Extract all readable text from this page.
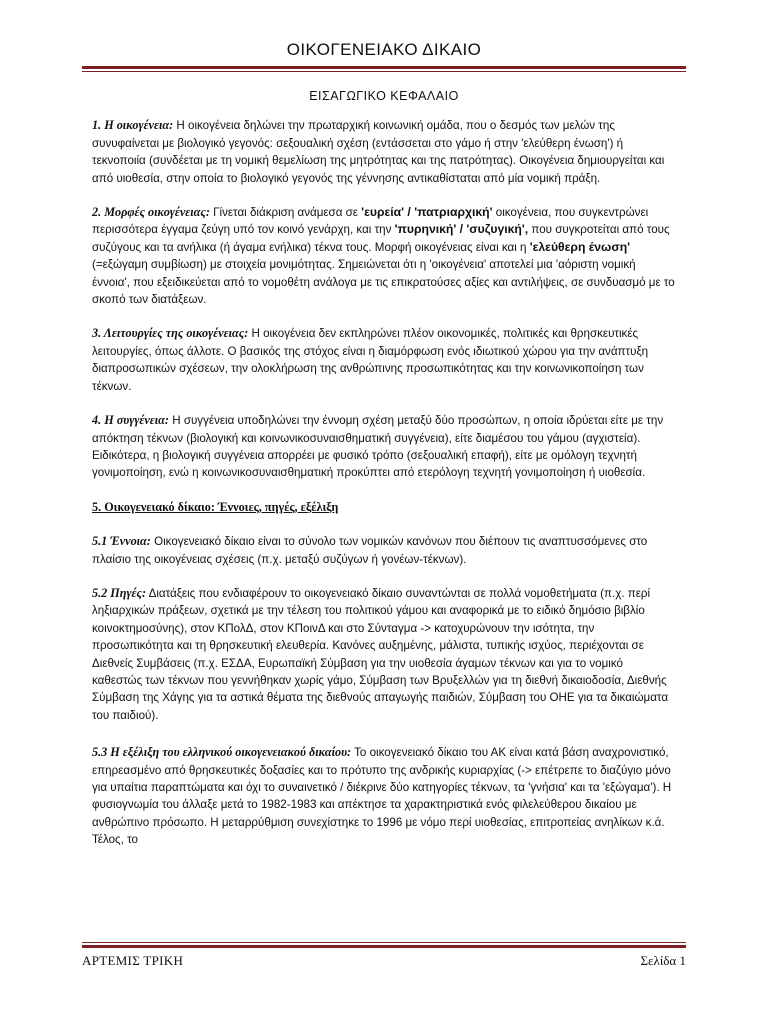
ΟΙΚΟΓΕΝΕΙΑΚΟ ΔΙΚΑΙΟ
ΕΙΣΑΓΩΓΙΚΟ ΚΕΦΑΛΑΙΟ

1. Η οικογένεια: Η οικογένεια δηλώνει την πρωταρχική κοινωνική ομάδα, που ο δεσμός των μελών της συνυφαίνεται με βιολογικό γεγονός: σεξουαλική σχέση (εντάσσεται στο γάμο ή στην 'ελεύθερη ένωση') ή τεκνοποιία (συνδέεται με τη νομική θεμελίωση της μητρότητας και της πατρότητας). Οικογένεια δημιουργείται και από υιοθεσία, στην οποία το βιολογικό γεγονός της γέννησης αντικαθίσταται από μία νομική πράξη.

2. Μορφές οικογένειας: Γίνεται διάκριση ανάμεσα σε 'ευρεία' / 'πατριαρχική' οικογένεια, που συγκεντρώνει περισσότερα έγγαμα ζεύγη υπό τον κοινό γενάρχη, και την 'πυρηνική' / 'συζυγική', που συγκροτείται από τους συζύγους και τα ανήλικα (ή άγαμα ενήλικα) τέκνα τους. Μορφή οικογένειας είναι και η 'ελεύθερη ένωση' (=εξώγαμη συμβίωση) με στοιχεία μονιμότητας. Σημειώνεται ότι η 'οικογένεια' αποτελεί μια 'αόριστη νομική έννοια', που εξειδικεύεται από το νομοθέτη ανάλογα με τις επικρατούσες αξίες και αντιλήψεις, σε συνδυασμό με το σκοπό των διατάξεων.

3. Λειτουργίες της οικογένειας: Η οικογένεια δεν εκπληρώνει πλέον οικονομικές, πολιτικές και θρησκευτικές λειτουργίες, όπως άλλοτε. Ο βασικός της στόχος είναι η διαμόρφωση ενός ιδιωτικού χώρου για την ανάπτυξη διαπροσωπικών σχέσεων, την ολοκλήρωση της ανθρώπινης προσωπικότητας και την κοινωνικοποίηση των τέκνων.

4. Η συγγένεια: Η συγγένεια υποδηλώνει την έννομη σχέση μεταξύ δύο προσώπων, η οποία ιδρύεται είτε με την απόκτηση τέκνων (βιολογική και κοινωνικοσυναισθηματική συγγένεια), είτε διαμέσου του γάμου (αγχιστεία). Ειδικότερα, η βιολογική συγγένεια απορρέει με φυσικό τρόπο (σεξουαλική επαφή), είτε με ομόλογη τεχνητή γονιμοποίηση, ενώ η κοινωνικοσυναισθηματική προκύπτει από ετερόλογη τεχνητή γονιμοποίηση ή υιοθεσία.

5. Οικογενειακό δίκαιο: Έννοιες, πηγές, εξέλιξη

5.1 Έννοια: Οικογενειακό δίκαιο είναι το σύνολο των νομικών κανόνων που διέπουν τις αναπτυσσόμενες στο πλαίσιο της οικογένειας σχέσεις (π.χ. μεταξύ συζύγων ή γονέων-τέκνων).

5.2 Πηγές: Διατάξεις που ενδιαφέρουν το οικογενειακό δίκαιο συναντώνται σε πολλά νομοθετήματα (π.χ. περί ληξιαρχικών πράξεων, σχετικά με την τέλεση του πολιτικού γάμου και αναφορικά με το ειδικό δημόσιο βιβλίο κοινοκτημοσύνης), στον ΚΠολΔ, στον ΚΠοινΔ και στο Σύνταγμα -> κατοχυρώνουν την ισότητα, την προσωπικότητα και τη θρησκευτική ελευθερία. Κανόνες αυξημένης, μάλιστα, τυπικής ισχύος, περιέχονται σε Διεθνείς Συμβάσεις (π.χ. ΕΣΔΑ, Ευρωπαϊκή Σύμβαση για την υιοθεσία άγαμων τέκνων και για το νομικό καθεστώς των τέκνων που γεννήθηκαν χωρίς γάμο, Σύμβαση των Βρυξελλών για τη διεθνή δικαιοδοσία, Διεθνής Σύμβαση της Χάγης για τα αστικά θέματα της διεθνούς απαγωγής παιδιών, Σύμβαση του ΟΗΕ για τα δικαιώματα του παιδιού).

5.3 Η εξέλιξη του ελληνικού οικογενειακού δικαίου: Το οικογενειακό δίκαιο του ΑΚ είναι κατά βάση αναχρονιστικό, επηρεασμένο από θρησκευτικές δοξασίες και το πρότυπο της ανδρικής κυριαρχίας (-> επέτρεπε το διαζύγιο μόνο για υπαίτια παραπτώματα και όχι το συναινετικό / διέκρινε δύο κατηγορίες τέκνων, τα 'γνήσια' και τα 'εξώγαμα'). Η φυσιογνωμία του άλλαξε μετά το 1982-1983 και απέκτησε τα χαρακτηριστικά ενός φιλελεύθερου δικαίου με ανθρώπινο πρόσωπο. Η μεταρρύθμιση συνεχίστηκε το 1996 με νόμο περί υιοθεσίας, επιτροπείας ανηλίκων κ.ά. Τέλος, το

ΑΡΤΕΜΙΣ ΤΡΙΚΗ	Σελίδα 1
